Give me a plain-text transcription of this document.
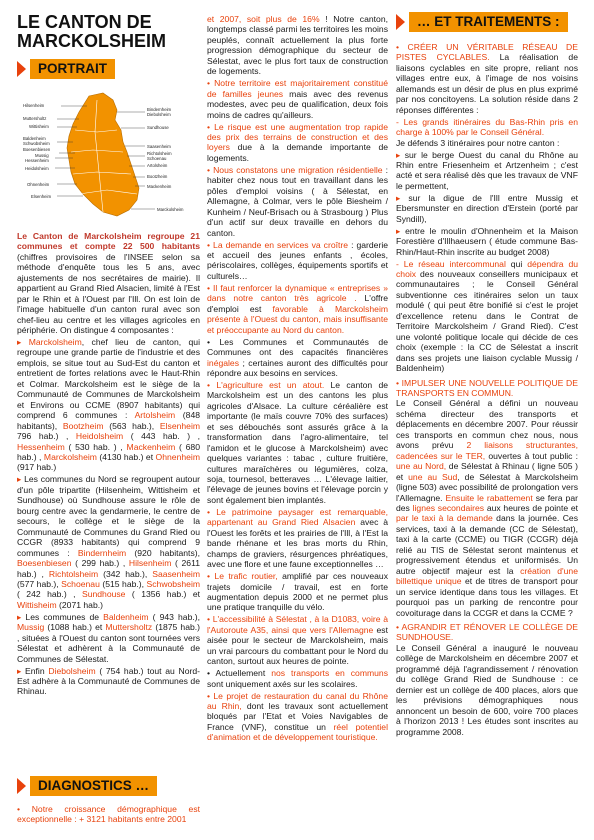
LE CANTON DE MARCKOLSHEIM
PORTRAIT
Hilsenheim
Muttersholtz
Wittisheim
Baldenheim
Schwobsheim
Boesenbiesen
Mussig
Hessenheim
Heidolsheim
Ohnenheim
Elsenheim
Bindernheim
Diebolsheim
Sundhouse
Saasenheim
Richtolsheim
Schoenau
Artolsheim
Bootzheim
Mackenheim
Marckolsheim

Le Canton de Marckolsheim regroupe 21 communes et compte 22 500 habitants (chiffres provisoires de l'INSEE selon sa méthode d'enquête tous les 5 ans, avec ajustements de nos secrétaires de mairie). Il appartient au Grand Ried Alsacien, limité à l'Est par le Rhin et à l'Ouest par l'Ill. On est loin de l'image habituelle d'un canton rural avec son chef-lieu au centre et les villages agricoles en périphérie. On distingue 4 composantes :

▸ Marckolsheim, chef lieu de canton, qui regroupe une grande partie de l'industrie et des emplois, se situe tout au Sud-Est du canton et entretient de fortes relations avec le Haut-Rhin et Colmar. Marckolsheim est le siège de la Communauté de Communes de Marckolsheim et Environs ou CCME (8907 habitants) qui comprend 6 communes : Artolsheim (848 habitants), Bootzheim (563 hab.), Elsenheim 796 hab.) , Heidolsheim ( 443 hab. ) , Hessenheim ( 530 hab. ) , Mackenheim ( 680 hab.) , Marckolsheim (4130 hab.) et Ohnenheim (917 hab.)

▸ Les communes du Nord se regroupent autour d'un pôle tripartite (Hilsenheim, Wittisheim et Sundhouse) où Sundhouse assure le rôle de bourg centre avec la gendarmerie, le centre de secours, le collège et le siège de la Communauté de Communes du Grand Ried ou CCGR (8933 habitants) qui comprend 9 communes : Bindernheim (920 habitants), Boesenbiesen ( 299 hab.) , Hilsenheim ( 2611 hab.) , Richtolsheim (342 hab.), Saasenheim (577 hab.), Schoenau (515 hab.), Schwobsheim ( 242 hab.) , Sundhouse ( 1356 hab.) et Wittisheim (2071 hab.)

▸ Les communes de Baldenheim ( 943 hab.), Mussig (1088 hab.) et Muttersholtz (1875 hab.) , situées à l'Ouest du canton sont tournées vers Sélestat et adhèrent à la Communauté de Communes de Sélestat.

▸ Enfin Diebolsheim ( 754 hab.) tout au Nord-Est adhère à la Communauté de Communes de Rhinau.

• Notre croissance démographique est exceptionnelle : + 3121 habitants entre 2001

DIAGNOSTICS …

et 2007, soit plus de 16% ! Notre canton, longtemps classé parmi les territoires les moins peuplés, connaît actuellement la plus forte progression démographique du secteur de Sélestat, avec le plus fort taux de construction de logements.

• Notre territoire est majoritairement constitué de familles jeunes mais avec des revenus modestes, avec peu de qualification, deux fois moins de cadres qu'ailleurs.

• Le risque est une augmentation trop rapide des prix des terrains de construction et des loyers due à la demande importante de logements.

• Nous constatons une migration résidentielle : habiter chez nous tout en travaillant dans les pôles d'emploi voisins ( à Sélestat, en Allemagne, à Colmar, vers le pôle Biesheim / Kunheim / Neuf-Brisach ou à Strasbourg ) Plus d'un actif sur deux travaille en dehors du canton.

• La demande en services va croître : garderie et accueil des jeunes enfants , écoles, périscolaires, collèges, équipements sportifs et culturels…

• Il faut renforcer la dynamique « entreprises » dans notre canton très agricole . L'offre d'emploi est favorable à Marckolsheim présente à l'Ouest du canton, mais insuffisante et préoccupante au Nord du canton.

• Les Communes et Communautés de Communes ont des capacités financières inégales ; certaines auront des difficultés pour répondre aux besoins en services.

• L'agriculture est un atout. Le canton de Marckolsheim est un des cantons les plus agricoles d'Alsace. La culture céréalière est importante (le maïs couvre 70% des surfaces) et ses débouchés sont assurés grâce à la transformation dans l'agro-alimentaire, tel l'amidon et le glucose à Marckolsheim) avec quelques variantes : tabac , culture fruitière, cultures maraîchères ou légumières, colza, soja, tournesol, betteraves … L'élevage laitier, l'élevage de jeunes bovins et l'élevage porcin y sont également bien implantés.

• Le patrimoine paysager est remarquable, appartenant au Grand Ried Alsacien avec à l'Ouest les forêts et les prairies de l'Ill, à l'Est la bande rhénane et les bras morts du Rhin, champs de graviers, résurgences phréatiques, avec une flore et une faune exceptionnelles …

• Le trafic routier, amplifié par ces nouveaux trajets domicile / travail, est en forte augmentation depuis 2000 et ne permet plus une pratique tranquille du vélo.

• L'accessibilité à Sélestat , à la D1083, voire à l'Autoroute A35, ainsi que vers l'Allemagne est aisée pour le secteur de Marckolsheim, mais un vrai parcours du combattant pour le Nord du canton, surtout aux heures de pointe.

• Actuellement nos transports en communs sont uniquement axés sur les scolaires.

• Le projet de restauration du canal du Rhône au Rhin, dont les travaux sont actuellement bloqués par l'Etat et Voies Navigables de France (VNF), constitue un réel potentiel d'animation et de développement touristique.

… ET TRAITEMENTS :

• CRÉER UN VÉRITABLE RÉSEAU DE PISTES CYCLABLES. La réalisation de liaisons cyclables en site propre, reliant nos villages entre eux, à l'image de nos voisins allemands est un désir de plus en plus exprimé par nos concitoyens. La solution réside dans 2 réponses différentes :

- Les grands itinéraires du Bas-Rhin pris en charge à 100% par le Conseil Général.
Je défends 3 itinéraires pour notre canton :

▸ sur le berge Ouest du canal du Rhône au Rhin entre Friesenheim et Artzenheim ; c'est acté et sera réalisé dès que les travaux de VNF le permettent,

▸ sur la digue de l'Ill entre Mussig et Ebersmunster en direction d'Erstein (porté par Syndill),

▸ entre le moulin d'Ohnenheim et la Maison Forestière d'Illhaeusern ( étude commune Bas-Rhin/Haut-Rhin inscrite au budget 2008)

- Le réseau intercommunal qui dépendra du choix des nouveaux conseillers municipaux et communautaires ; le Conseil Général subventionne ces itinéraires selon un taux modulé ( qui peut être bonifié si c'est le projet d'excellence retenu dans le Contrat de Territoire Marckolsheim / Grand Ried). C'est une volonté politique locale qui décide de ces choix (exemple : la CC de Sélestat a inscrit dans ses projets une liaison cyclable Mussig / Baldenheim)

• IMPULSER UNE NOUVELLE POLITIQUE DE TRANSPORTS EN COMMUN.
Le Conseil Général a défini un nouveau schéma directeur des transports et déplacements en décembre 2007. Pour réussir ces transports en commun chez nous, nous avons prévu 2 liaisons structurantes, cadencées sur le TER, ouvertes à tout public : une au Nord, de Sélestat à Rhinau ( ligne 505 ) et une au Sud, de Sélestat à Marckolsheim (ligne 503) avec possibilité de prolongation vers l'Allemagne. Ensuite le rabattement se fera par des lignes secondaires aux heures de pointe et par le taxi à la demande dans la journée. Ces services, taxi à la demande (CC de Sélestat), taxi à la carte (CCME) ou TIGR (CCGR) déjà relié au TIS de Sélestat seront maintenus et progressivement étendus et uniformisés. Un autre objectif majeur est la création d'une billettique unique et de titres de transport pour un service identique dans tous les villages. Et pourquoi pas un parking de rencontre pour covoiturage dans la CCGR et dans la CCME ?

• AGRANDIR ET RÉNOVER LE COLLÈGE DE SUNDHOUSE.
Le Conseil Général a inauguré le nouveau collège de Marckolsheim en décembre 2007 et programmé déjà l'agrandissement / rénovation du collège Grand Ried de Sundhouse : ce dernier est un collège de 400 places, alors que les prévisions démographiques nous annoncent un besoin de 600, voire 700 places à l'horizon 2013 ! Les études sont inscrites au programme 2008.
